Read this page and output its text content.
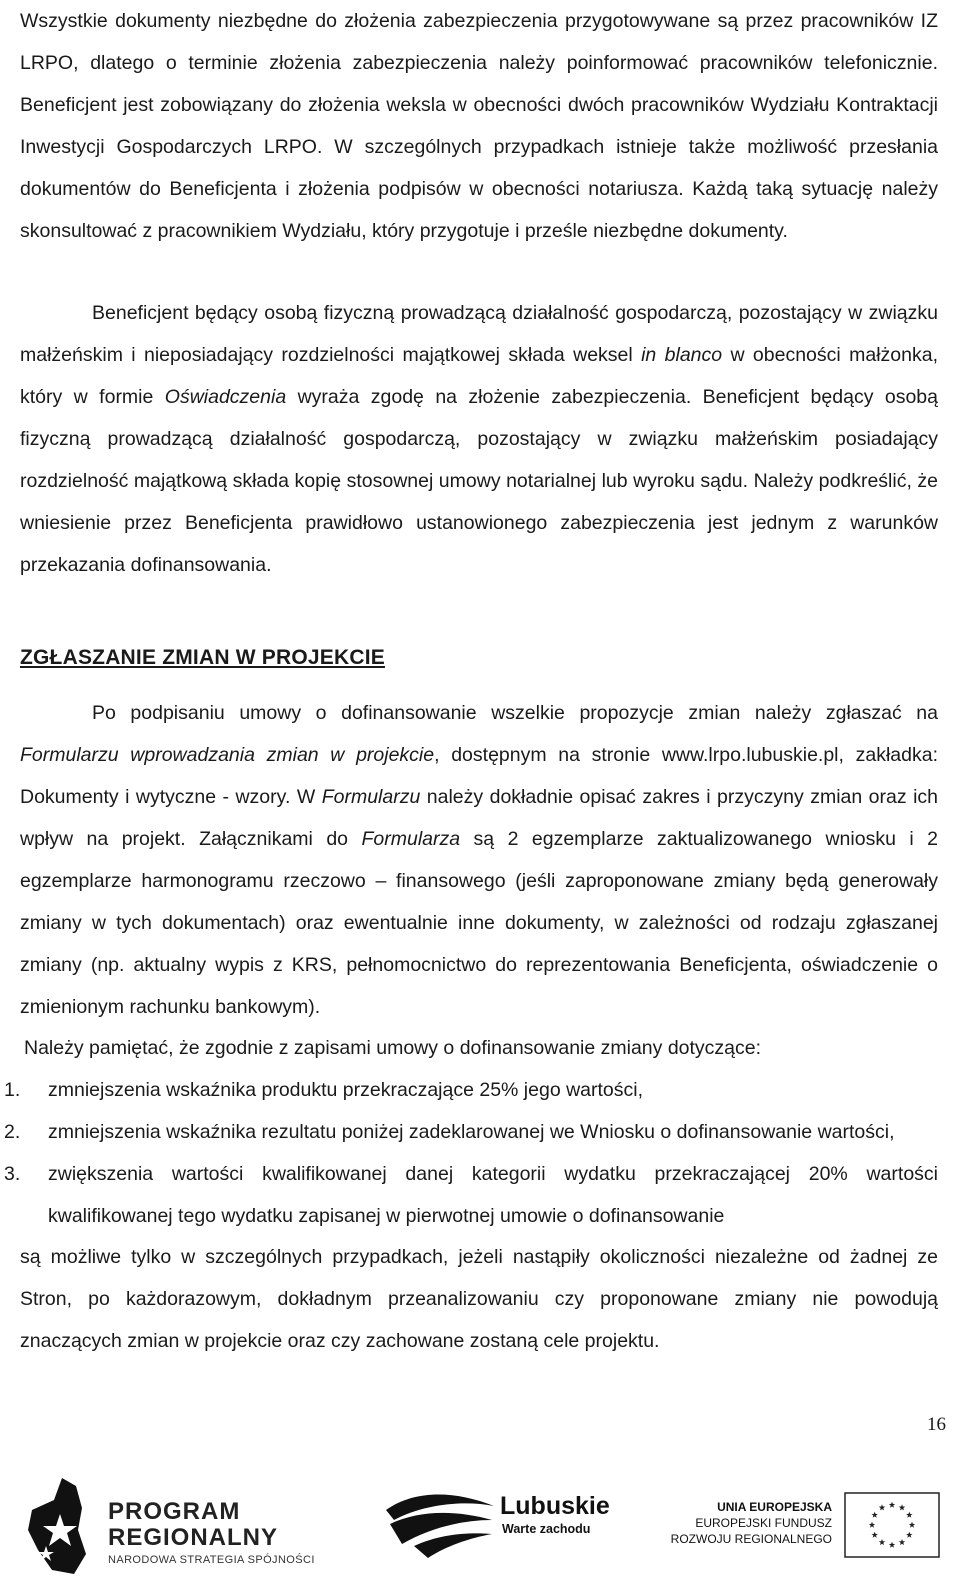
Wszystkie dokumenty niezbędne do złożenia zabezpieczenia przygotowywane są przez pracowników IZ LRPO, dlatego o terminie złożenia zabezpieczenia należy poinformować pracowników telefonicznie. Beneficjent jest zobowiązany do złożenia weksla w obecności dwóch pracowników Wydziału Kontraktacji Inwestycji Gospodarczych LRPO. W szczególnych przypadkach istnieje także możliwość przesłania dokumentów do Beneficjenta i złożenia podpisów w obecności notariusza. Każdą taką sytuację należy skonsultować z pracownikiem Wydziału, który przygotuje i prześle niezbędne dokumenty.

Beneficjent będący osobą fizyczną prowadzącą działalność gospodarczą, pozostający w związku małżeńskim i nieposiadający rozdzielności majątkowej składa weksel in blanco w obecności małżonka, który w formie Oświadczenia wyraża zgodę na złożenie zabezpieczenia. Beneficjent będący osobą fizyczną prowadzącą działalność gospodarczą, pozostający w związku małżeńskim posiadający rozdzielność majątkową składa kopię stosownej umowy notarialnej lub wyroku sądu. Należy podkreślić, że wniesienie przez Beneficjenta prawidłowo ustanowionego zabezpieczenia jest jednym z warunków przekazania dofinansowania.

ZGŁASZANIE ZMIAN W PROJEKCIE

Po podpisaniu umowy o dofinansowanie wszelkie propozycje zmian należy zgłaszać na Formularzu wprowadzania zmian w projekcie, dostępnym na stronie www.lrpo.lubuskie.pl, zakładka: Dokumenty i wytyczne - wzory. W Formularzu należy dokładnie opisać zakres i przyczyny zmian oraz ich wpływ na projekt. Załącznikami do Formularza są 2 egzemplarze zaktualizowanego wniosku i 2 egzemplarze harmonogramu rzeczowo – finansowego (jeśli zaproponowane zmiany będą generowały zmiany w tych dokumentach) oraz ewentualnie inne dokumenty, w zależności od rodzaju zgłaszanej zmiany (np. aktualny wypis z KRS, pełnomocnictwo do reprezentowania Beneficjenta, oświadczenie o zmienionym rachunku bankowym).

Należy pamiętać, że zgodnie z zapisami umowy o dofinansowanie zmiany dotyczące:

1. zmniejszenia wskaźnika produktu przekraczające 25% jego wartości,
2. zmniejszenia wskaźnika rezultatu poniżej zadeklarowanej we Wniosku o dofinansowanie wartości,
3. zwiększenia wartości kwalifikowanej danej kategorii wydatku przekraczającej 20% wartości kwalifikowanej tego wydatku zapisanej w pierwotnej umowie o dofinansowanie

są możliwe tylko w szczególnych przypadkach, jeżeli nastąpiły okoliczności niezależne od żadnej ze Stron, po każdorazowym, dokładnym przeanalizowaniu czy proponowane zmiany nie powodują znaczących zmian w projekcie oraz czy zachowane zostaną cele projektu.

16
PROGRAM
REGIONALNY
NARODOWA STRATEGIA SPÓJNOŚCI
Lubuskie
Warte zachodu
UNIA EUROPEJSKA
EUROPEJSKI FUNDUSZ
ROZWOJU REGIONALNEGO
